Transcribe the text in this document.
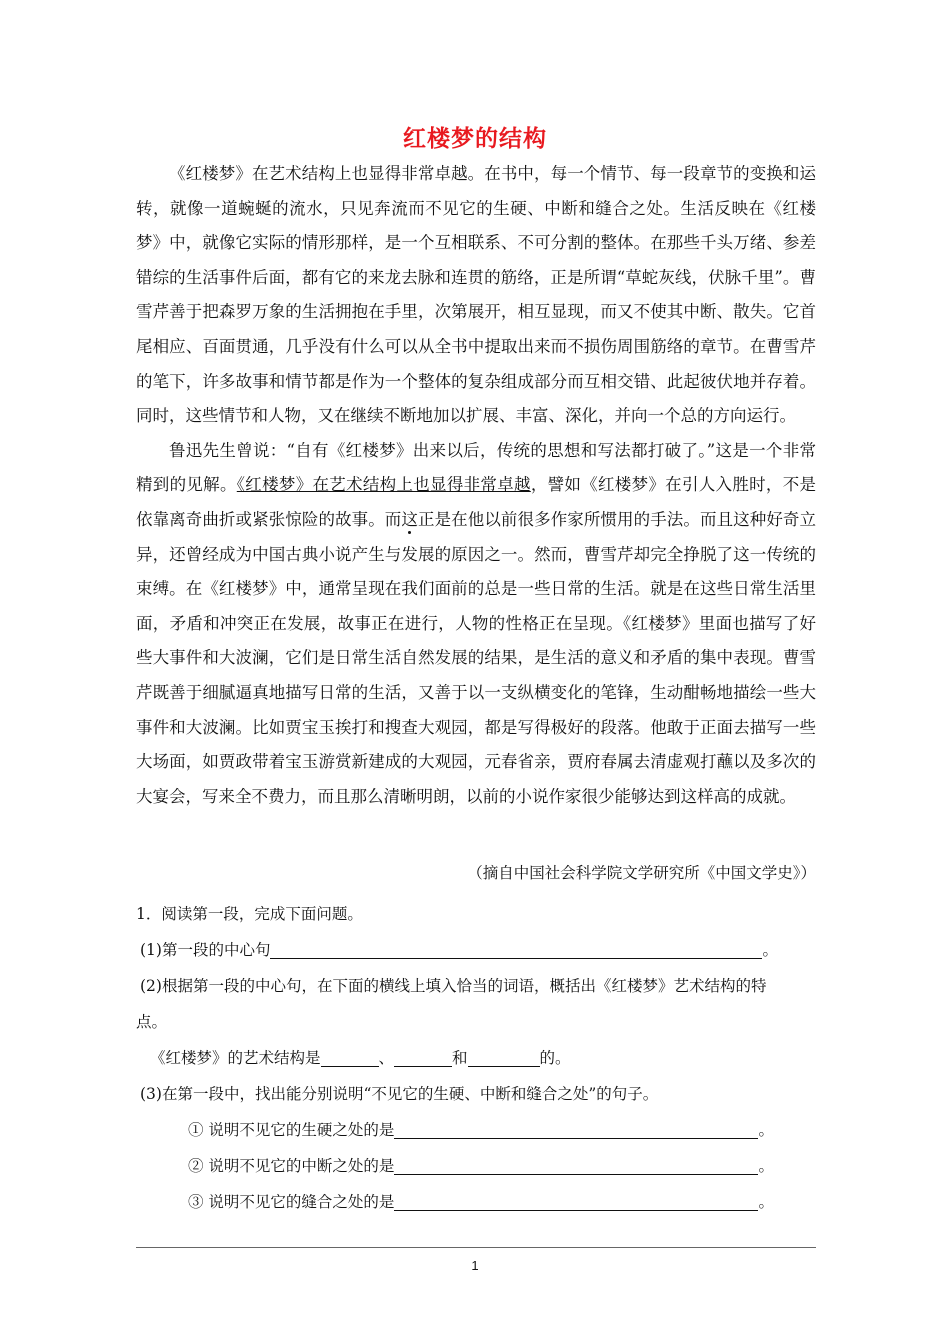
红楼梦的结构

《红楼梦》在艺术结构上也显得非常卓越。在书中，每一个情节、每一段章节的变换和运转，就像一道蜿蜒的流水，只见奔流而不见它的生硬、中断和缝合之处。生活反映在《红楼梦》中，就像它实际的情形那样，是一个互相联系、不可分割的整体。在那些千头万绪、参差错综的生活事件后面，都有它的来龙去脉和连贯的筋络，正是所谓“草蛇灰线，伏脉千里”。曹雪芹善于把森罗万象的生活拥抱在手里，次第展开，相互显现，而又不使其中断、散失。它首尾相应、百面贯通，几乎没有什么可以从全书中提取出来而不损伤周围筋络的章节。在曹雪芹的笔下，许多故事和情节都是作为一个整体的复杂组成部分而互相交错、此起彼伏地并存着。同时，这些情节和人物，又在继续不断地加以扩展、丰富、深化，并向一个总的方向运行。

鲁迅先生曾说：“自有《红楼梦》出来以后，传统的思想和写法都打破了。”这是一个非常精到的见解。《红楼梦》在艺术结构上也显得非常卓越，譬如《红楼梦》在引人入胜时，不是依靠离奇曲折或紧张惊险的故事。而这正是在他以前很多作家所惯用的手法。而且这种好奇立异，还曾经成为中国古典小说产生与发展的原因之一。然而，曹雪芹却完全挣脱了这一传统的束缚。在《红楼梦》中，通常呈现在我们面前的总是一些日常的生活。就是在这些日常生活里面，矛盾和冲突正在发展，故事正在进行，人物的性格正在呈现。《红楼梦》里面也描写了好些大事件和大波澜，它们是日常生活自然发展的结果，是生活的意义和矛盾的集中表现。曹雪芹既善于细腻逼真地描写日常的生活，又善于以一支纵横变化的笔锋，生动酣畅地描绘一些大事件和大波澜。比如贾宝玉挨打和搜查大观园，都是写得极好的段落。他敢于正面去描写一些大场面，如贾政带着宝玉游赏新建成的大观园，元春省亲，贾府春属去清虚观打蘸以及多次的大宴会，写来全不费力，而且那么清晰明朗，以前的小说作家很少能够达到这样高的成就。

（摘自中国社会科学院文学研究所《中国文学史》）
1．阅读第一段，完成下面问题。
(1)第一段的中心句	。
(2)根据第一段的中心句，在下面的横线上填入恰当的词语，概括出《红楼梦》艺术结构的特
点。
《红楼梦》的艺术结构是	、	和	的。
(3)在第一段中，找出能分别说明“不见它的生硬、中断和缝合之处”的句子。
① 说明不见它的生硬之处的是	。
② 说明不见它的中断之处的是	。
③ 说明不见它的缝合之处的是	。
1
